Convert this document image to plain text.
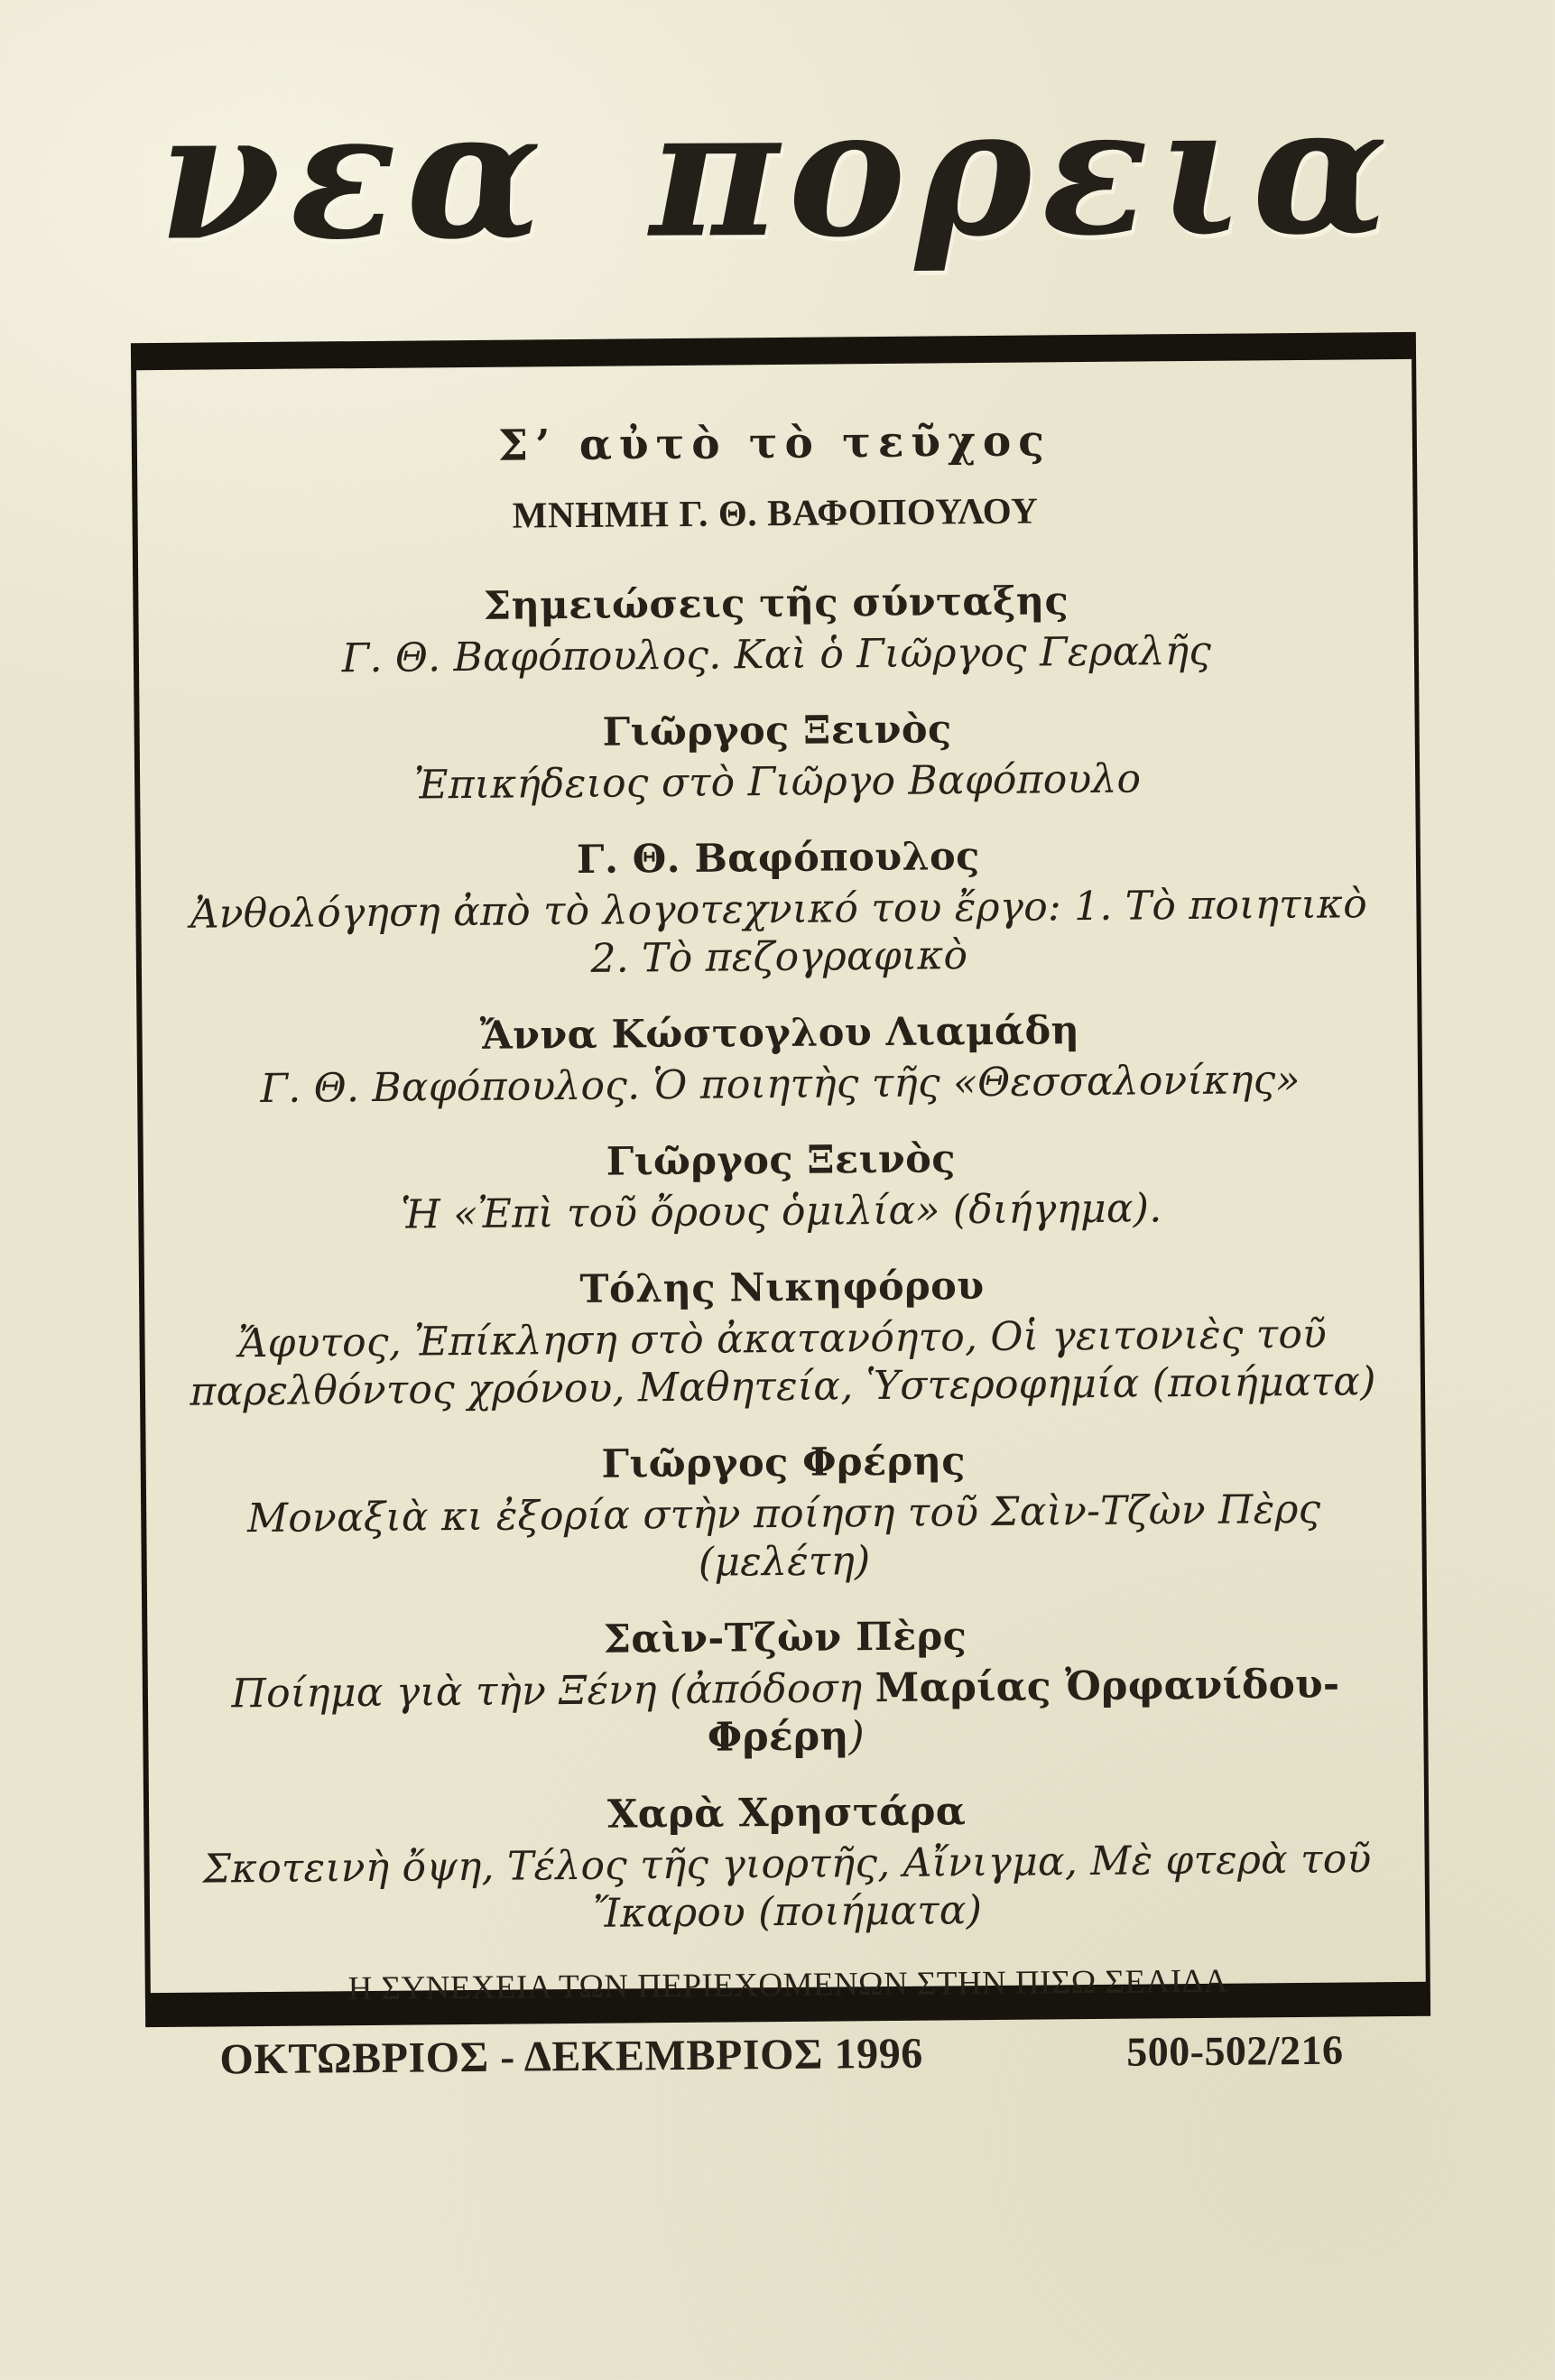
νεα πορεια
Σ’ αὐτὸ τὸ τεῦχος
ΜΝΗΜΗ Γ. Θ. ΒΑΦΟΠΟΥΛΟΥ
Σημειώσεις τῆς σύνταξης

Γ. Θ. Βαφόπουλος. Καὶ ὁ Γιῶργος Γεραλῆς

Γιῶργος Ξεινὸς

Ἐπικήδειος στὸ Γιῶργο Βαφόπουλο

Γ. Θ. Βαφόπουλος

Ἀνθολόγηση ἀπὸ τὸ λογοτεχνικό του ἔργο: 1. Τὸ ποιητικὸ

2. Τὸ πεζογραφικὸ

Ἄννα Κώστογλου Λιαμάδη

Γ. Θ. Βαφόπουλος. Ὁ ποιητὴς τῆς «Θεσσαλονίκης»

Γιῶργος Ξεινὸς

Ἡ «Ἐπὶ τοῦ ὄρους ὁμιλία» (διήγημα).

Τόλης Νικηφόρου

Ἄφυτος, Ἐπίκληση στὸ ἀκατανόητο, Οἱ γειτονιὲς τοῦ

παρελθόντος χρόνου, Μαθητεία, Ὑστεροφημία (ποιήματα)

Γιῶργος Φρέρης

Μοναξιὰ κι ἐξορία στὴν ποίηση τοῦ Σαὶν-Τζὼν Πὲρς (μελέτη)

Σαὶν-Τζὼν Πὲρς

Ποίημα γιὰ τὴν Ξένη (ἀπόδοση Μαρίας Ὀρφανίδου-Φρέρη)

Χαρὰ Χρηστάρα

Σκοτεινὴ ὄψη, Τέλος τῆς γιορτῆς, Αἴνιγμα, Μὲ φτερὰ τοῦ

Ἴκαρου (ποιήματα)

Η ΣΥΝΕΧΕΙΑ ΤΩΝ ΠΕΡΙΕΧΟΜΕΝΩΝ ΣΤΗΝ ΠΙΣΩ ΣΕΛΙΔΑ
ΟΚΤΩΒΡΙΟΣ - ΔΕΚΕΜΒΡΙΟΣ 1996	500-502/216
